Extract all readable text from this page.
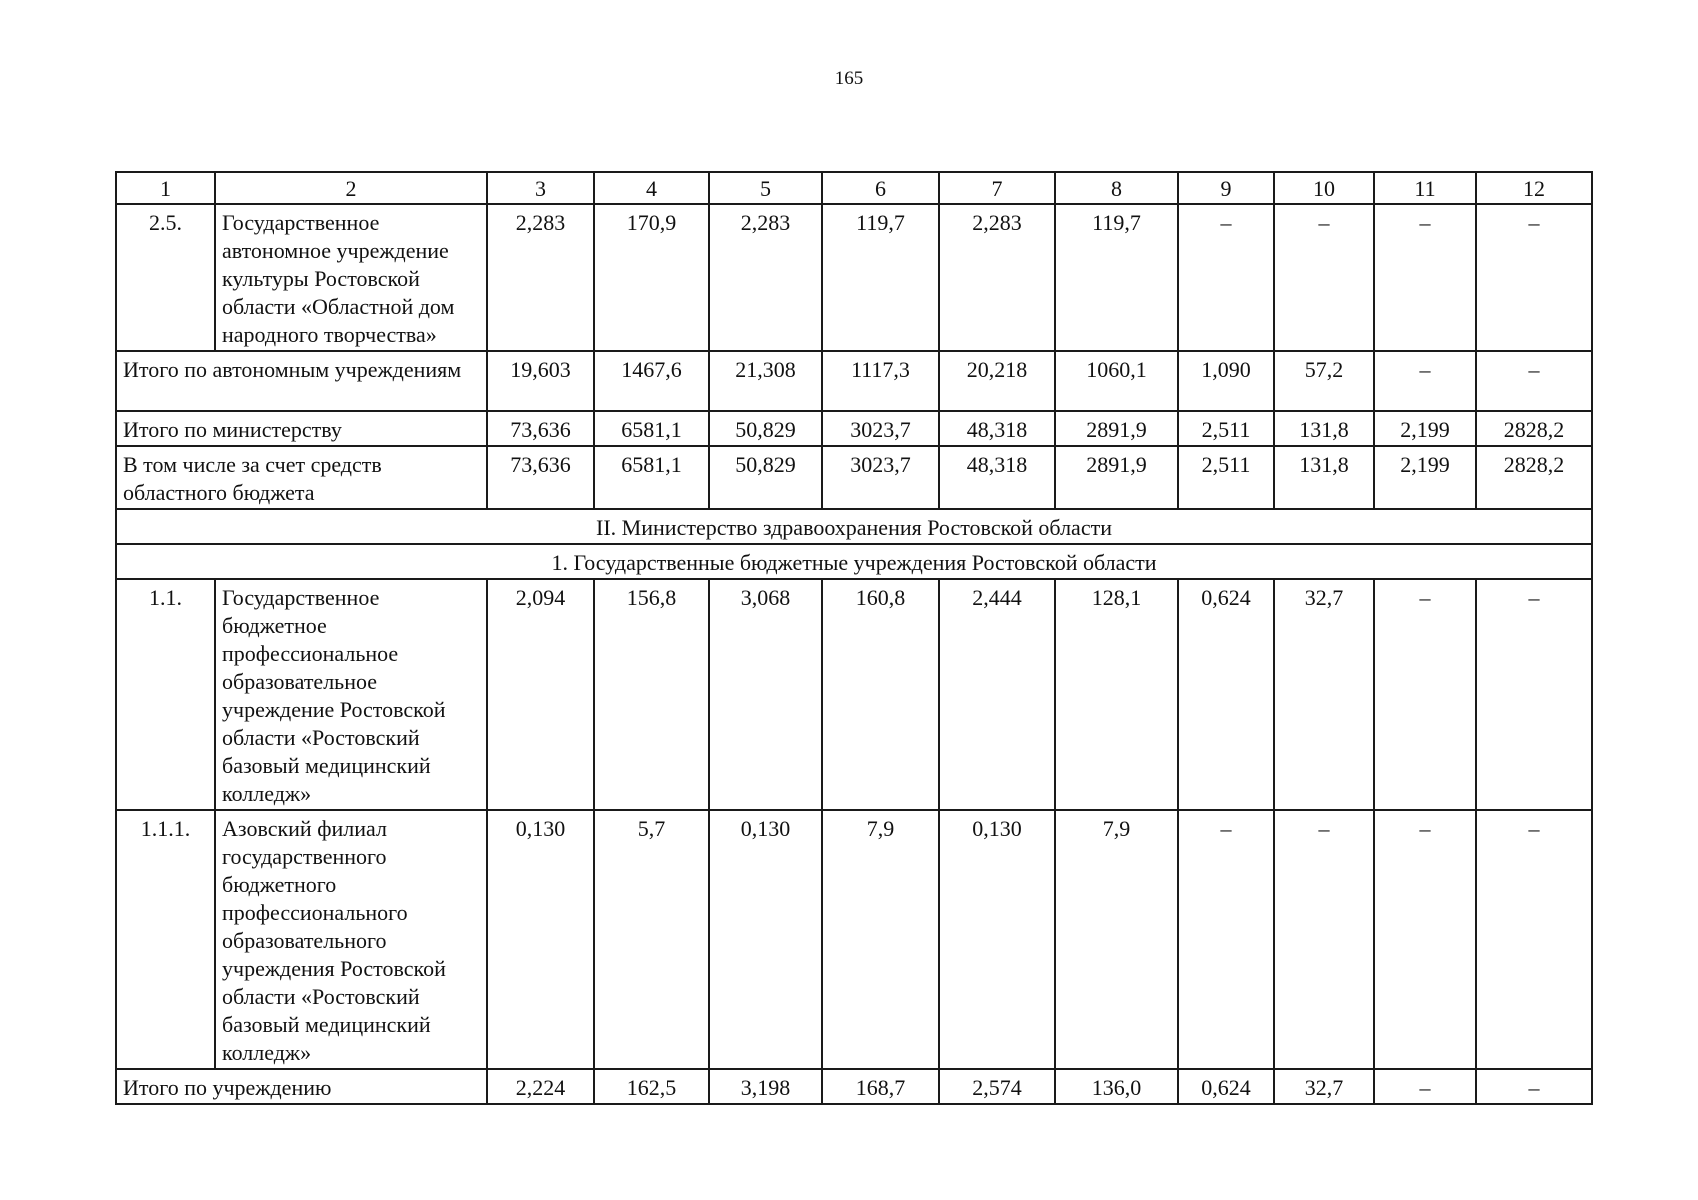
165
1	2	3	4	5	6	7	8	9	10	11	12
2.5.	Государственное автономное учреждение культуры Ростовской области «Областной дом народного творчества»	2,283	170,9	2,283	119,7	2,283	119,7	–	–	–	–
Итого по автономным учреждениям		19,603	1467,6	21,308	1117,3	20,218	1060,1	1,090	57,2	–	–
Итого по министерству		73,636	6581,1	50,829	3023,7	48,318	2891,9	2,511	131,8	2,199	2828,2
В том числе за счет средств областного бюджета		73,636	6581,1	50,829	3023,7	48,318	2891,9	2,511	131,8	2,199	2828,2
II. Министерство здравоохранения Ростовской области											
1. Государственные бюджетные учреждения Ростовской области											
1.1.	Государственное бюджетное профессиональное образовательное учреждение Ростовской области «Ростовский базовый медицинский колледж»	2,094	156,8	3,068	160,8	2,444	128,1	0,624	32,7	–	–
1.1.1.	Азовский филиал государственного бюджетного профессионального образовательного учреждения Ростовской области «Ростовский базовый медицинский колледж»	0,130	5,7	0,130	7,9	0,130	7,9	–	–	–	–
Итого по учреждению		2,224	162,5	3,198	168,7	2,574	136,0	0,624	32,7	–	–
